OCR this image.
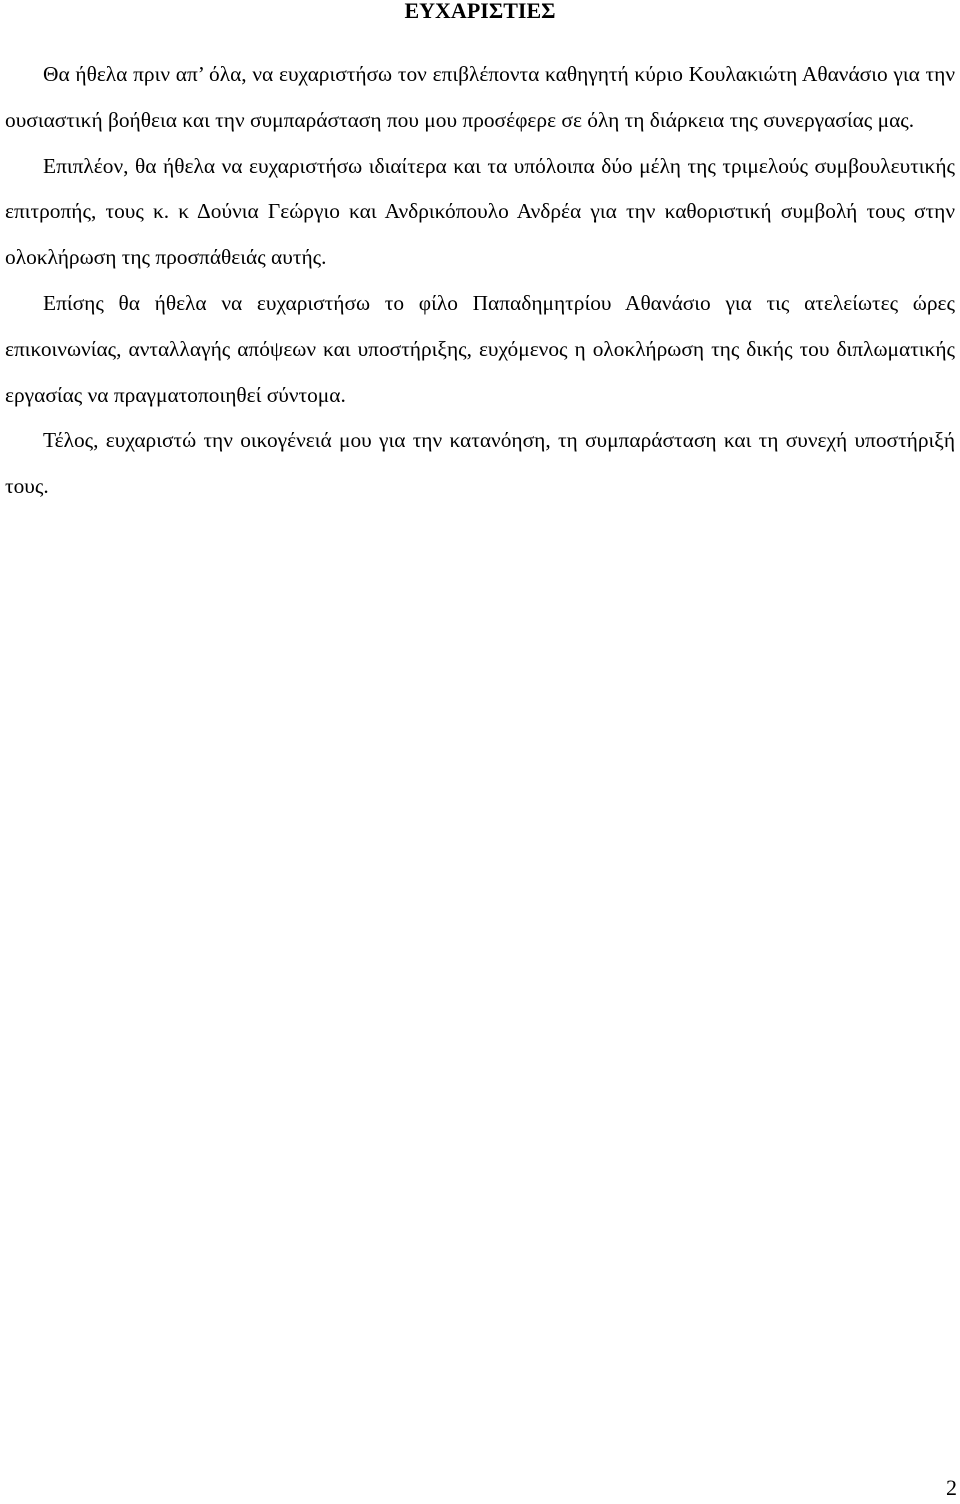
ΕΥΧΑΡΙΣΤΙΕΣ

Θα ήθελα πριν απ’ όλα, να ευχαριστήσω τον επιβλέποντα καθηγητή κύριο Κουλακιώτη Αθανάσιο για την ουσιαστική βοήθεια και την συμπαράσταση που μου προσέφερε σε όλη τη διάρκεια της συνεργασίας μας.

Επιπλέον, θα ήθελα να ευχαριστήσω ιδιαίτερα και τα υπόλοιπα δύο μέλη της τριμελούς συμβουλευτικής επιτροπής, τους κ. κ Δούνια Γεώργιο και Ανδρικόπουλο Ανδρέα για την καθοριστική συμβολή τους στην ολοκλήρωση της προσπάθειάς αυτής.

Επίσης θα ήθελα να ευχαριστήσω το φίλο Παπαδημητρίου Αθανάσιο για τις ατελείωτες ώρες επικοινωνίας, ανταλλαγής απόψεων και υποστήριξης, ευχόμενος η ολοκλήρωση της δικής του διπλωματικής εργασίας να πραγματοποιηθεί σύντομα.

Τέλος, ευχαριστώ την οικογένειά μου για την κατανόηση, τη συμπαράσταση και τη συνεχή υποστήριξή τους.

2
